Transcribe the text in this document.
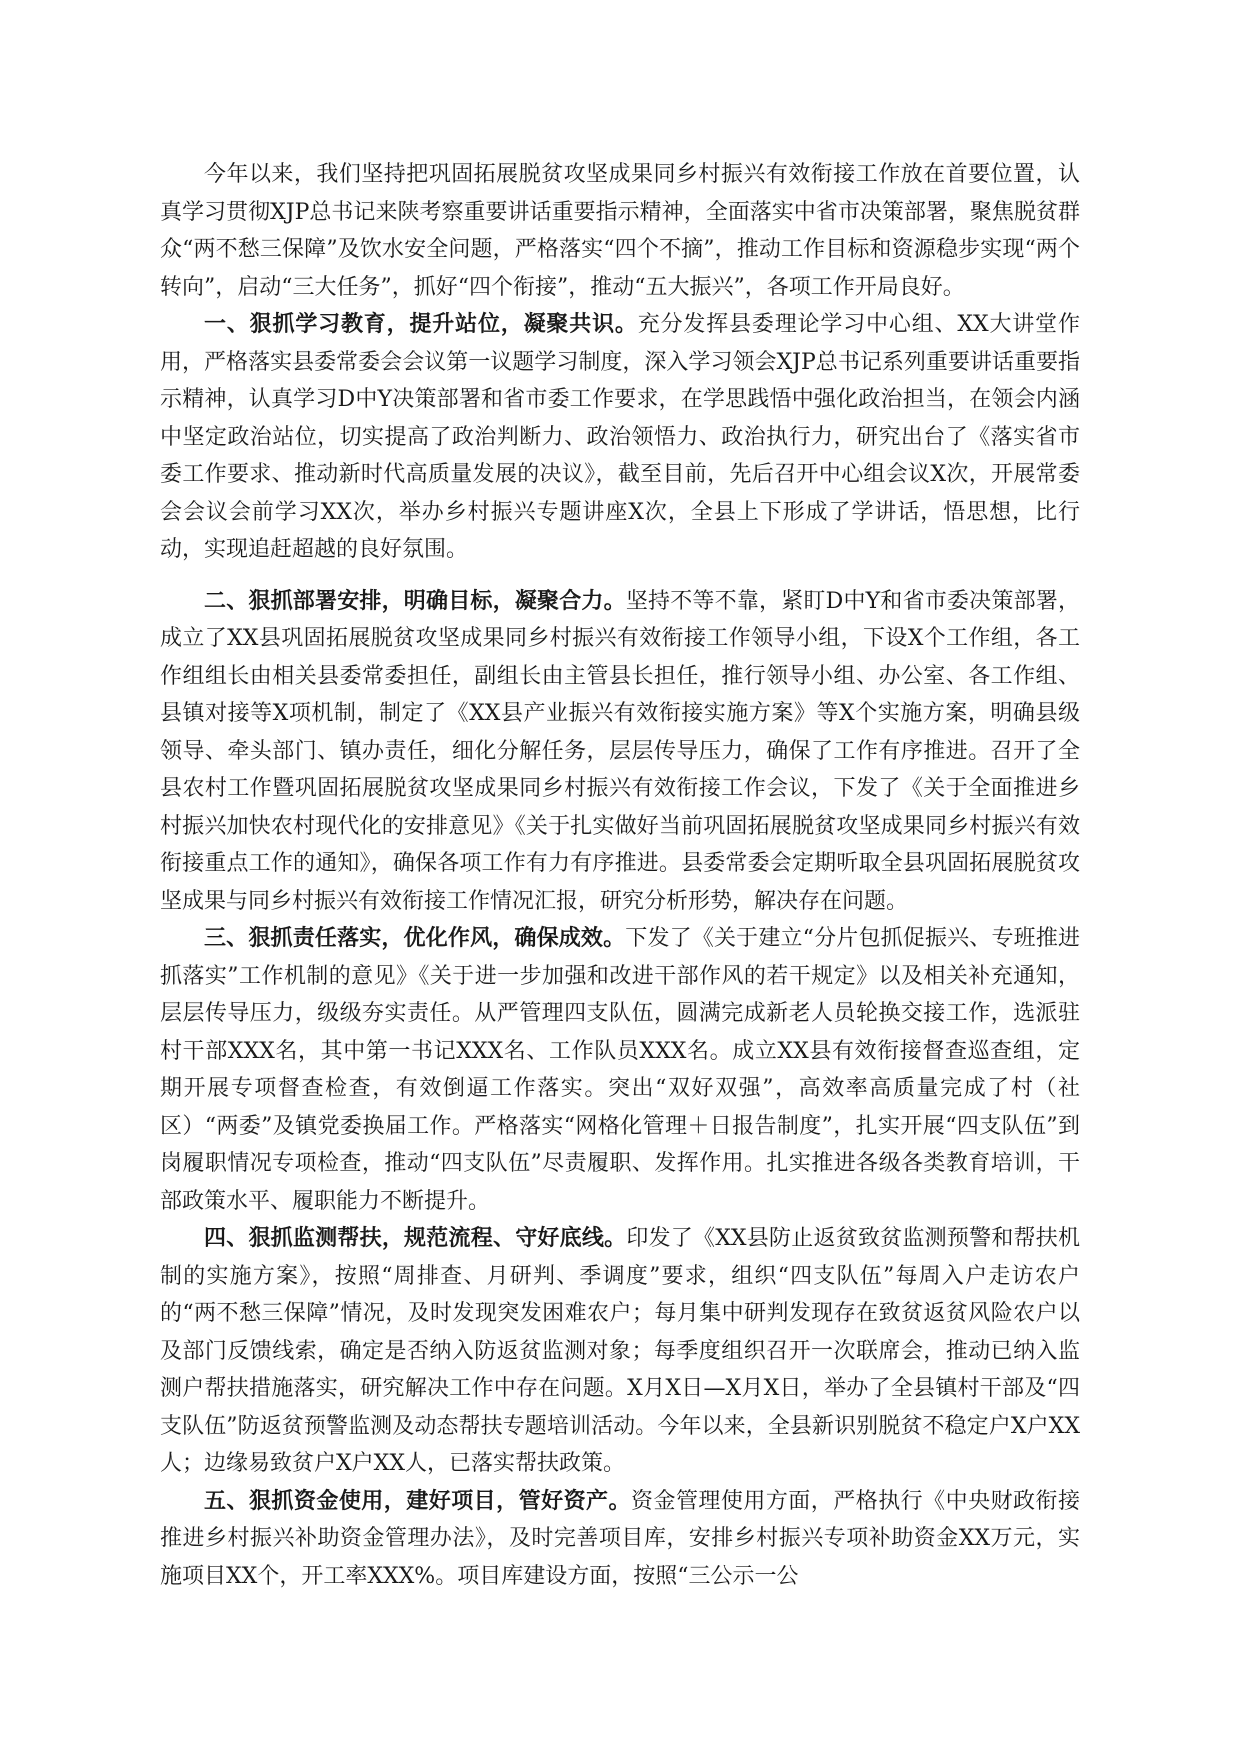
今年以来，我们坚持把巩固拓展脱贫攻坚成果同乡村振兴有效衔接工作放在首要位置，认真学习贯彻XJP总书记来陕考察重要讲话重要指示精神，全面落实中省市决策部署，聚焦脱贫群众“两不愁三保障”及饮水安全问题，严格落实“四个不摘”，推动工作目标和资源稳步实现“两个转向”，启动“三大任务”，抓好“四个衔接”，推动“五大振兴”，各项工作开局良好。

一、狠抓学习教育，提升站位，凝聚共识。充分发挥县委理论学习中心组、XX大讲堂作用，严格落实县委常委会会议第一议题学习制度，深入学习领会XJP总书记系列重要讲话重要指示精神，认真学习D中Y决策部署和省市委工作要求，在学思践悟中强化政治担当，在领会内涵中坚定政治站位，切实提高了政治判断力、政治领悟力、政治执行力，研究出台了《落实省市委工作要求、推动新时代高质量发展的决议》，截至目前，先后召开中心组会议X次，开展常委会会议会前学习XX次，举办乡村振兴专题讲座X次，全县上下形成了学讲话，悟思想，比行动，实现追赶超越的良好氛围。

二、狠抓部署安排，明确目标，凝聚合力。坚持不等不靠，紧盯D中Y和省市委决策部署，成立了XX县巩固拓展脱贫攻坚成果同乡村振兴有效衔接工作领导小组，下设X个工作组，各工作组组长由相关县委常委担任，副组长由主管县长担任，推行领导小组、办公室、各工作组、县镇对接等X项机制，制定了《XX县产业振兴有效衔接实施方案》等X个实施方案，明确县级领导、牵头部门、镇办责任，细化分解任务，层层传导压力，确保了工作有序推进。召开了全县农村工作暨巩固拓展脱贫攻坚成果同乡村振兴有效衔接工作会议，下发了《关于全面推进乡村振兴加快农村现代化的安排意见》《关于扎实做好当前巩固拓展脱贫攻坚成果同乡村振兴有效衔接重点工作的通知》，确保各项工作有力有序推进。县委常委会定期听取全县巩固拓展脱贫攻坚成果与同乡村振兴有效衔接工作情况汇报，研究分析形势，解决存在问题。

三、狠抓责任落实，优化作风，确保成效。下发了《关于建立“分片包抓促振兴、专班推进抓落实”工作机制的意见》《关于进一步加强和改进干部作风的若干规定》以及相关补充通知，层层传导压力，级级夯实责任。从严管理四支队伍，圆满完成新老人员轮换交接工作，选派驻村干部XXX名，其中第一书记XXX名、工作队员XXX名。成立XX县有效衔接督查巡查组，定期开展专项督查检查，有效倒逼工作落实。突出“双好双强”，高效率高质量完成了村（社区）“两委”及镇党委换届工作。严格落实“网格化管理＋日报告制度”，扎实开展“四支队伍”到岗履职情况专项检查，推动“四支队伍”尽责履职、发挥作用。扎实推进各级各类教育培训，干部政策水平、履职能力不断提升。

四、狠抓监测帮扶，规范流程、守好底线。印发了《XX县防止返贫致贫监测预警和帮扶机制的实施方案》，按照“周排查、月研判、季调度”要求，组织“四支队伍”每周入户走访农户的“两不愁三保障”情况，及时发现突发困难农户；每月集中研判发现存在致贫返贫风险农户以及部门反馈线索，确定是否纳入防返贫监测对象；每季度组织召开一次联席会，推动已纳入监测户帮扶措施落实，研究解决工作中存在问题。X月X日—X月X日，举办了全县镇村干部及“四支队伍”防返贫预警监测及动态帮扶专题培训活动。今年以来，全县新识别脱贫不稳定户X户XX人；边缘易致贫户X户XX人，已落实帮扶政策。

五、狠抓资金使用，建好项目，管好资产。资金管理使用方面，严格执行《中央财政衔接推进乡村振兴补助资金管理办法》，及时完善项目库，安排乡村振兴专项补助资金XX万元，实施项目XX个，开工率XXX%。项目库建设方面，按照“三公示一公
